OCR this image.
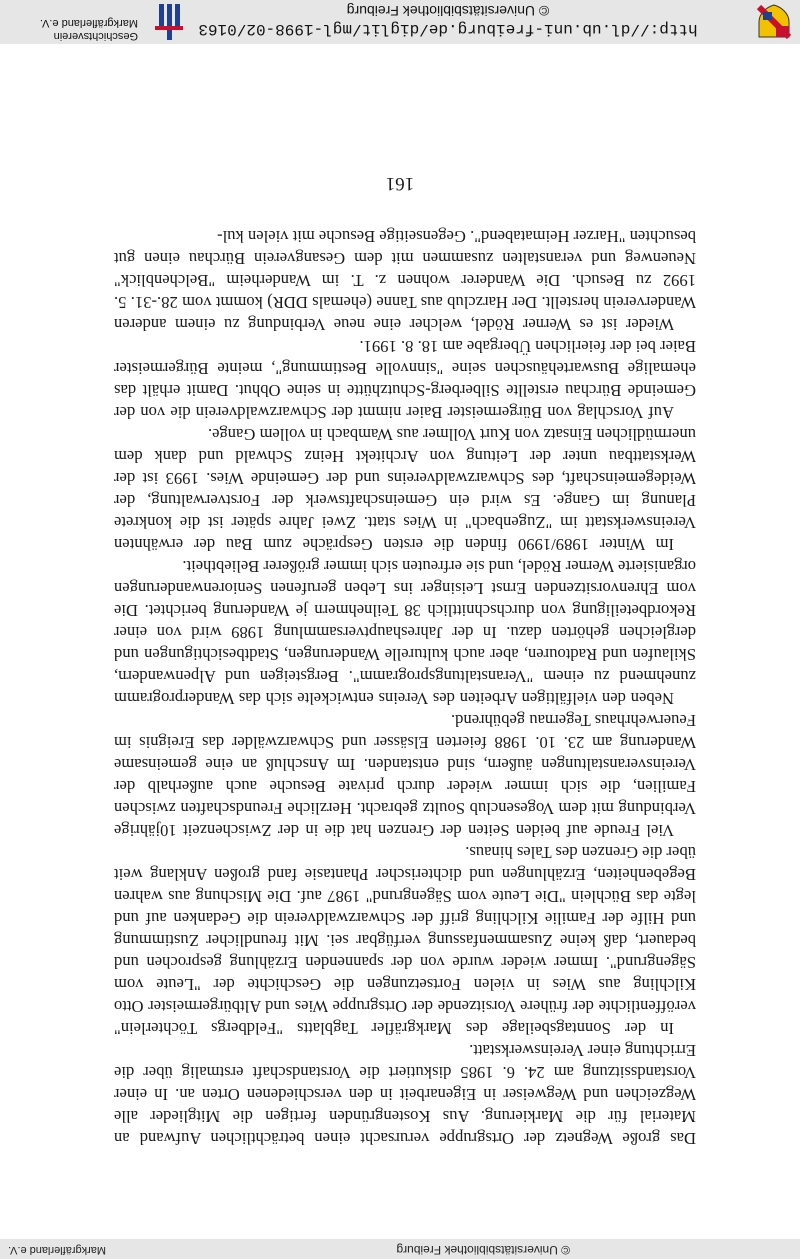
© Universitätsbibliothek Freiburg
Markgräflerland e.V.

Das große Wegnetz der Ortsgruppe verursacht einen beträchtlichen Aufwand an Material für die Markierung. Aus Kostengründen fertigen die Mitglieder alle Wegzeichen und Wegweiser in Eigenarbeit in den verschiedenen Orten an. In einer Vorstandssitzung am 24. 6. 1985 diskutiert die Vorstandschaft erstmalig über die Errichtung einer Vereinswerkstatt.

In der Sonntagsbeilage des Markgräfler Tagblatts "Feldbergs Töchterlein" veröffentlichte der frühere Vorsitzende der Ortsgruppe Wies und Altbürgermeister Otto Kilchling aus Wies in vielen Fortsetzungen die Geschichte der "Leute vom Sägengrund". Immer wieder wurde von der spannenden Erzählung gesprochen und bedauert, daß keine Zusammenfassung verfügbar sei. Mit freundlicher Zustimmung und Hilfe der Familie Kilchling griff der Schwarzwaldverein die Gedanken auf und legte das Büchlein "Die Leute vom Sägengrund" 1987 auf. Die Mischung aus wahren Begebenheiten, Erzählungen und dichterischer Phantasie fand großen Anklang weit über die Grenzen des Tales hinaus.

Viel Freude auf beiden Seiten der Grenzen hat die in der Zwischenzeit 10jährige Verbindung mit dem Vogesenclub Soultz gebracht. Herzliche Freundschaften zwischen Familien, die sich immer wieder durch private Besuche auch außerhalb der Vereinsveranstaltungen äußern, sind entstanden. Im Anschluß an eine gemeinsame Wanderung am 23. 10. 1988 feierten Elsässer und Schwarzwälder das Ereignis im Feuerwehrhaus Tegernau gebührend.

Neben den vielfältigen Arbeiten des Vereins entwickelte sich das Wanderprogramm zunehmend zu einem "Veranstaltungsprogramm". Bergsteigen und Alpenwandern, Skilaufen und Radtouren, aber auch kulturelle Wanderungen, Stadtbesichtigungen und dergleichen gehörten dazu. In der Jahreshauptversammlung 1989 wird von einer Rekordbeteiligung von durchschnittlich 38 Teilnehmern je Wanderung berichtet. Die vom Ehrenvorsitzenden Ernst Leisinger ins Leben gerufenen Seniorenwanderungen organisierte Werner Rödel, und sie erfreuten sich immer größerer Beliebtheit.

Im Winter 1989/1990 finden die ersten Gespräche zum Bau der erwähnten Vereinswerkstatt im "Zugenbach" in Wies statt. Zwei Jahre später ist die konkrete Planung im Gange. Es wird ein Gemeinschaftswerk der Forstverwaltung, der Weidegemeinschaft, des Schwarzwaldvereins und der Gemeinde Wies. 1993 ist der Werkstattbau unter der Leitung von Architekt Heinz Schwald und dank dem unermüdlichen Einsatz von Kurt Vollmer aus Wambach in vollem Gange.

Auf Vorschlag von Bürgermeister Baier nimmt der Schwarzwaldverein die von der Gemeinde Bürchau erstellte Silberberg-Schutzhütte in seine Obhut. Damit erhält das ehemalige Buswartehäuschen seine "sinnvolle Bestimmung", meinte Bürgermeister Baier bei der feierlichen Übergabe am 18. 8. 1991.

Wieder ist es Werner Rödel, welcher eine neue Verbindung zu einem anderen Wanderverein herstellt. Der Harzclub aus Tanne (ehemals DDR) kommt vom 28.-31. 5. 1992 zu Besuch. Die Wanderer wohnen z. T. im Wanderheim "Belchenblick" Neuenweg und veranstalten zusammen mit dem Gesangverein Bürchau einen gut besuchten "Harzer Heimatabend". Gegenseitige Besuche mit vielen kul-

161
http://dl.ub.uni-freiburg.de/diglit/mgl-1998-02/0163
© Universitätsbibliothek Freiburg
Geschichtsverein
Markgräflerland e.V.
